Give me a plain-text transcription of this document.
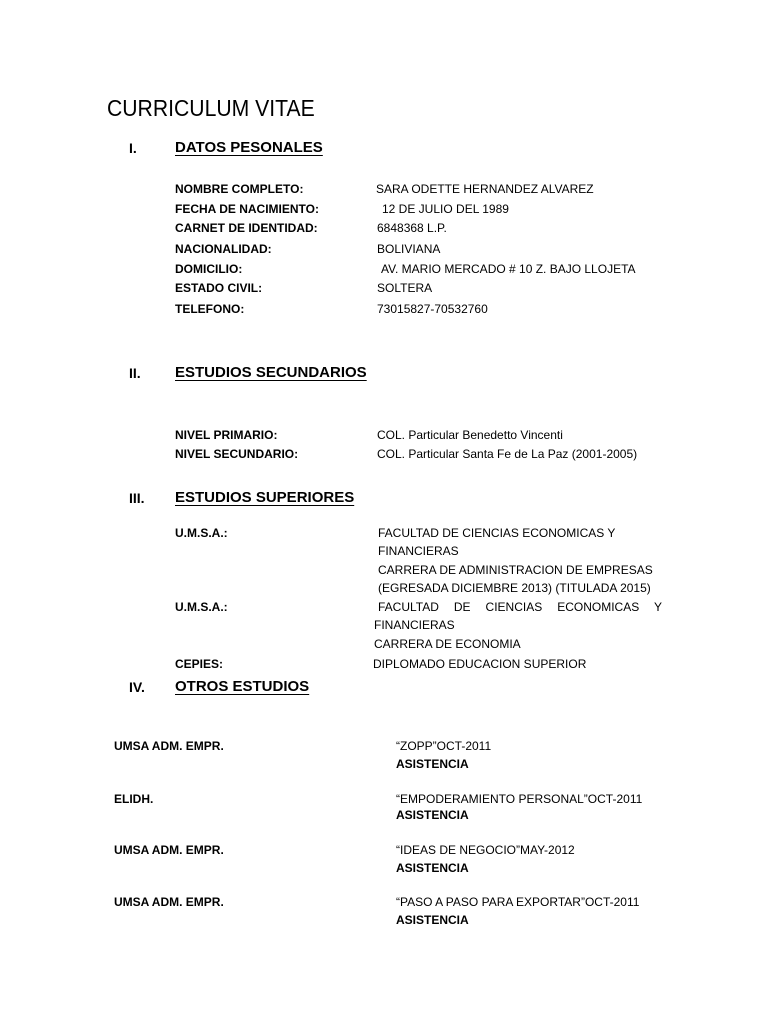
CURRICULUM VITAE
I.	DATOS PESONALES
NOMBRE COMPLETO:	SARA ODETTE HERNANDEZ ALVAREZ
FECHA DE NACIMIENTO:	12 DE JULIO DEL 1989
CARNET DE IDENTIDAD:	6848368 L.P.
NACIONALIDAD:	BOLIVIANA
DOMICILIO:	AV. MARIO MERCADO # 10 Z. BAJO LLOJETA
ESTADO CIVIL:	SOLTERA
TELEFONO:	73015827-70532760
II. ESTUDIOS SECUNDARIOS
NIVEL PRIMARIO:	COL. Particular Benedetto Vincenti
NIVEL SECUNDARIO:	COL. Particular Santa Fe de La Paz (2001-2005)
III. ESTUDIOS SUPERIORES
U.M.S.A.:	FACULTAD DE CIENCIAS ECONOMICAS Y
FINANCIERAS
CARRERA DE ADMINISTRACION DE EMPRESAS
(EGRESADA DICIEMBRE 2013) (TITULADA 2015)
U.M.S.A.:	FACULTAD DE CIENCIAS ECONOMICAS Y
FINANCIERAS
CARRERA DE ECONOMIA
CEPIES:	DIPLOMADO EDUCACION SUPERIOR
IV. OTROS ESTUDIOS
UMSA ADM. EMPR.	“ZOPP”OCT-2011
ASISTENCIA
ELIDH.	“EMPODERAMIENTO PERSONAL”OCT-2011
ASISTENCIA
UMSA ADM. EMPR.	“IDEAS DE NEGOCIO”MAY-2012
ASISTENCIA
UMSA ADM. EMPR.	“PASO A PASO PARA EXPORTAR”OCT-2011
ASISTENCIA
